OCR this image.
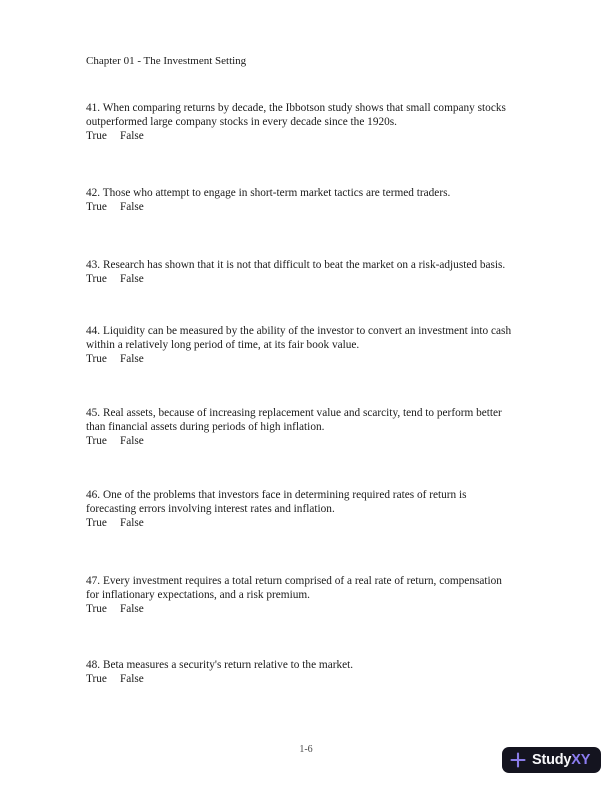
Chapter 01 - The Investment Setting
41. When comparing returns by decade, the Ibbotson study shows that small company stocks
outperformed large company stocks in every decade since the 1920s.
True False
42. Those who attempt to engage in short-term market tactics are termed traders.
True False
43. Research has shown that it is not that difficult to beat the market on a risk-adjusted basis.
True False
44. Liquidity can be measured by the ability of the investor to convert an investment into cash
within a relatively long period of time, at its fair book value.
True False
45. Real assets, because of increasing replacement value and scarcity, tend to perform better
than financial assets during periods of high inflation.
True False
46. One of the problems that investors face in determining required rates of return is
forecasting errors involving interest rates and inflation.
True False
47. Every investment requires a total return comprised of a real rate of return, compensation
for inflationary expectations, and a risk premium.
True False
48. Beta measures a security's return relative to the market.
True False
1-6
StudyXY
